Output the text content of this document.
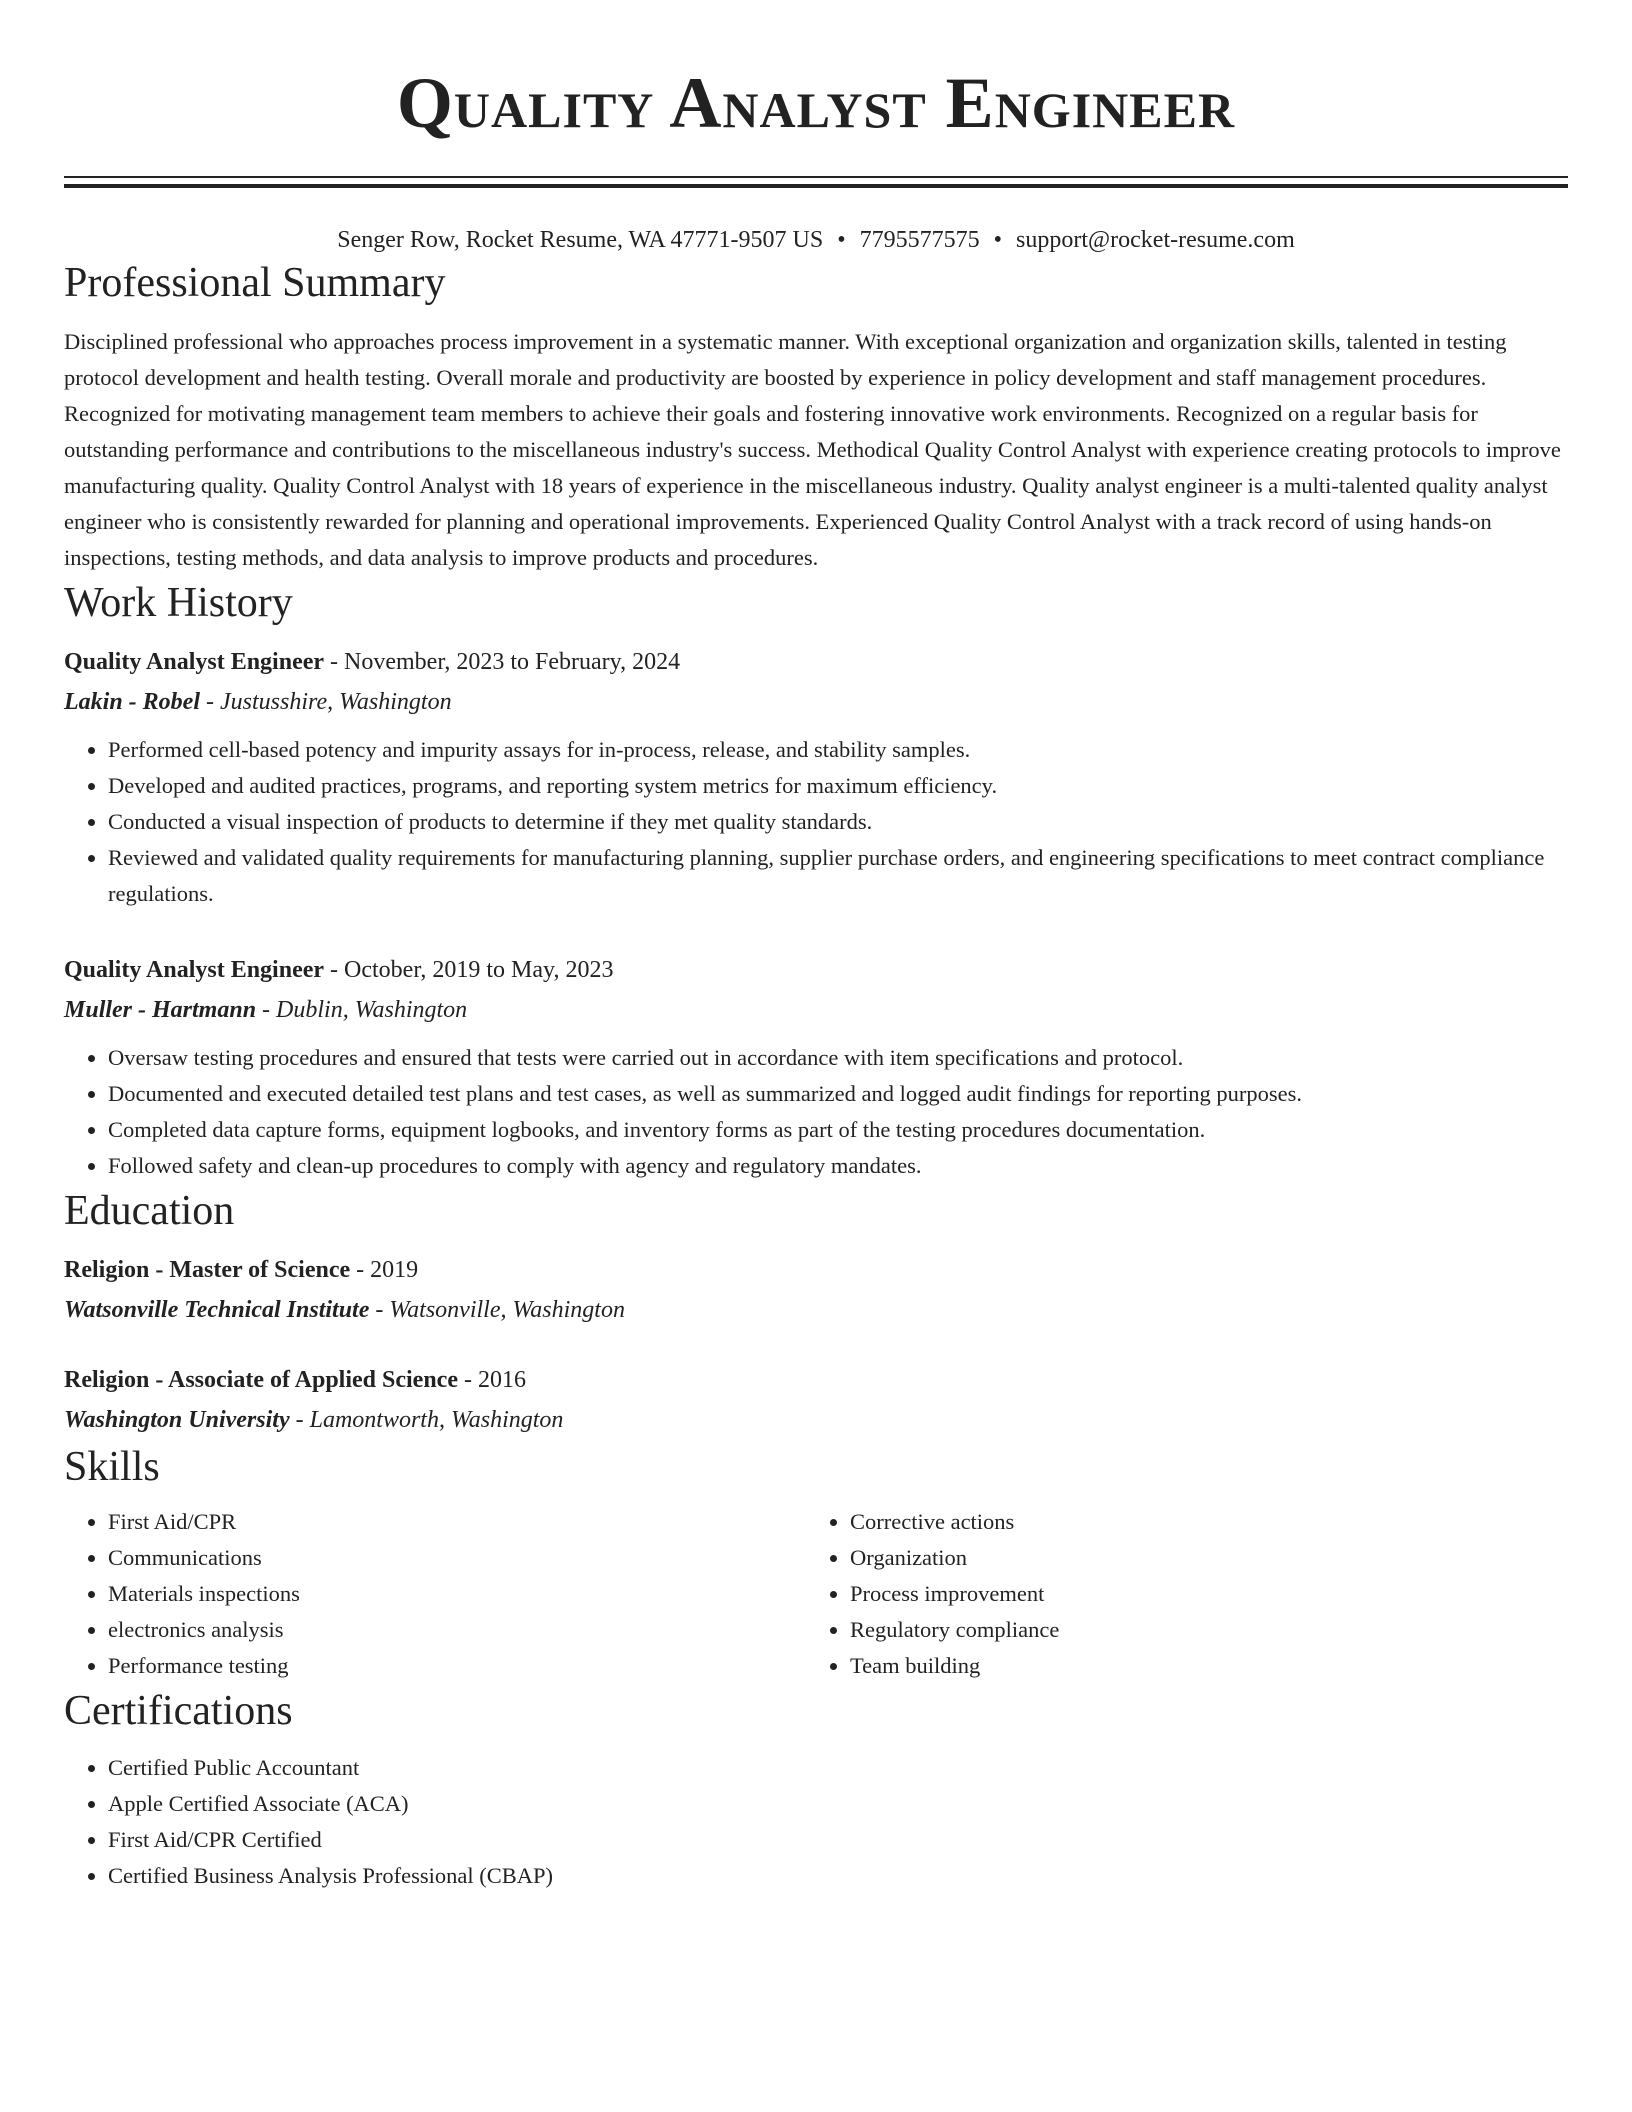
Quality Analyst Engineer
Senger Row, Rocket Resume, WA 47771-9507 US • 7795577575 • support@rocket-resume.com
Professional Summary

Disciplined professional who approaches process improvement in a systematic manner. With exceptional organization and organization skills, talented in testing protocol development and health testing. Overall morale and productivity are boosted by experience in policy development and staff management procedures. Recognized for motivating management team members to achieve their goals and fostering innovative work environments. Recognized on a regular basis for outstanding performance and contributions to the miscellaneous industry's success. Methodical Quality Control Analyst with experience creating protocols to improve manufacturing quality. Quality Control Analyst with 18 years of experience in the miscellaneous industry. Quality analyst engineer is a multi-talented quality analyst engineer who is consistently rewarded for planning and operational improvements. Experienced Quality Control Analyst with a track record of using hands-on inspections, testing methods, and data analysis to improve products and procedures.

Work History
Quality Analyst Engineer - November, 2023 to February, 2024
Lakin - Robel - Justusshire, Washington
• Performed cell-based potency and impurity assays for in-process, release, and stability samples.
• Developed and audited practices, programs, and reporting system metrics for maximum efficiency.
• Conducted a visual inspection of products to determine if they met quality standards.
• Reviewed and validated quality requirements for manufacturing planning, supplier purchase orders, and engineering specifications to meet contract compliance regulations.
Quality Analyst Engineer - October, 2019 to May, 2023
Muller - Hartmann - Dublin, Washington
• Oversaw testing procedures and ensured that tests were carried out in accordance with item specifications and protocol.
• Documented and executed detailed test plans and test cases, as well as summarized and logged audit findings for reporting purposes.
• Completed data capture forms, equipment logbooks, and inventory forms as part of the testing procedures documentation.
• Followed safety and clean-up procedures to comply with agency and regulatory mandates.
Education
Religion - Master of Science - 2019
Watsonville Technical Institute - Watsonville, Washington
Religion - Associate of Applied Science - 2016
Washington University - Lamontworth, Washington
Skills
• First Aid/CPR
• Communications
• Materials inspections
• electronics analysis
• Performance testing
• Corrective actions
• Organization
• Process improvement
• Regulatory compliance
• Team building
Certifications
• Certified Public Accountant
• Apple Certified Associate (ACA)
• First Aid/CPR Certified
• Certified Business Analysis Professional (CBAP)
